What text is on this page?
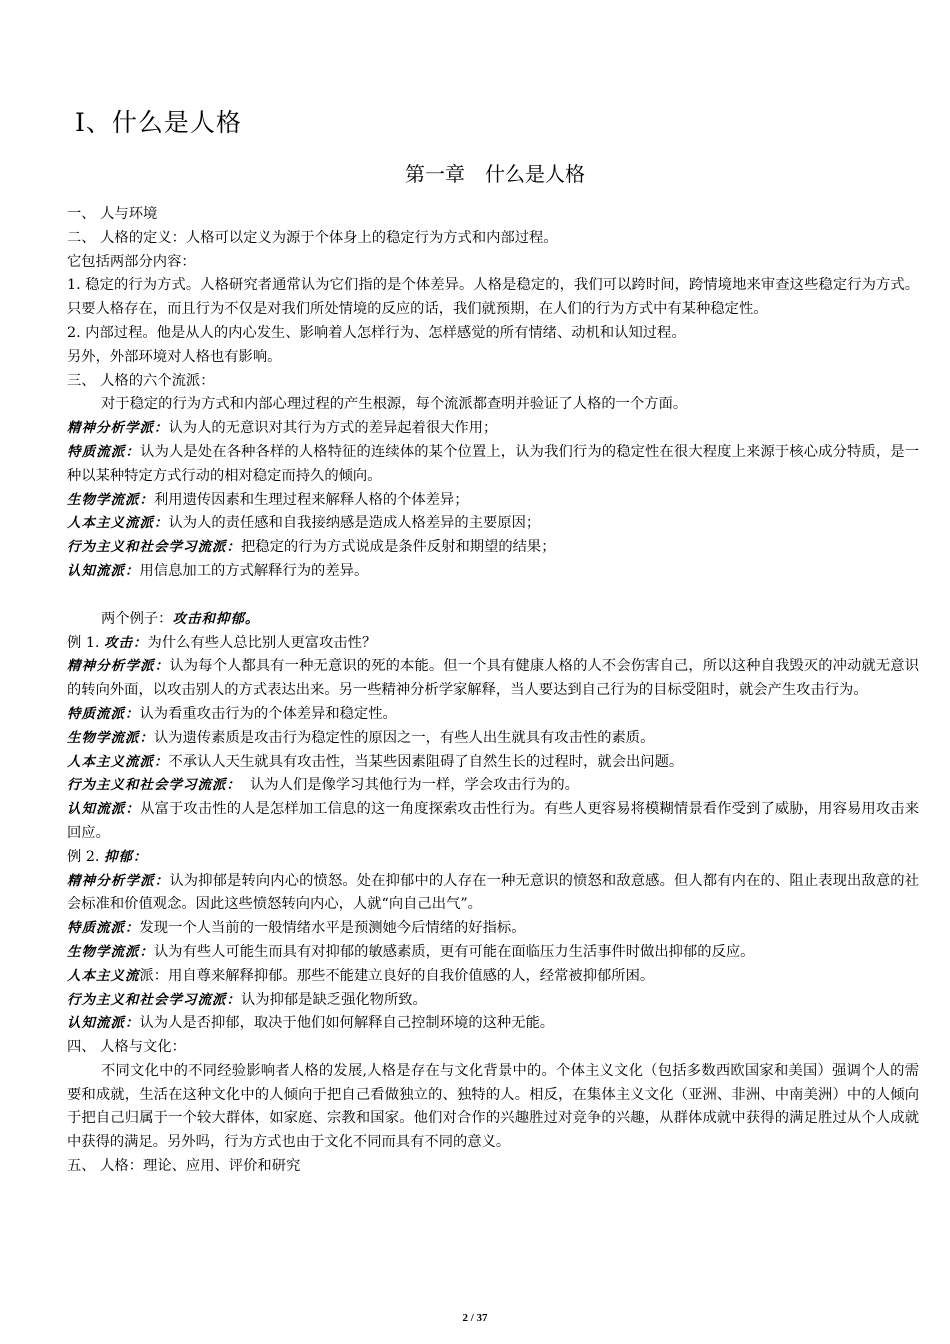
Ⅰ、什么是人格
第一章　什么是人格

一、 人与环境

二、 人格的定义：人格可以定义为源于个体身上的稳定行为方式和内部过程。

它包括两部分内容：

1. 稳定的行为方式。人格研究者通常认为它们指的是个体差异。人格是稳定的，我们可以跨时间，跨情境地来审查这些稳定行为方式。只要人格存在，而且行为不仅是对我们所处情境的反应的话，我们就预期，在人们的行为方式中有某种稳定性。

2. 内部过程。他是从人的内心发生、影响着人怎样行为、怎样感觉的所有情绪、动机和认知过程。

另外，外部环境对人格也有影响。

三、 人格的六个流派：

对于稳定的行为方式和内部心理过程的产生根源，每个流派都查明并验证了人格的一个方面。

精神分析学派：认为人的无意识对其行为方式的差异起着很大作用；

特质流派：认为人是处在各种各样的人格特征的连续体的某个位置上，认为我们行为的稳定性在很大程度上来源于核心成分特质，是一种以某种特定方式行动的相对稳定而持久的倾向。

生物学流派：利用遗传因素和生理过程来解释人格的个体差异；

人本主义流派：认为人的责任感和自我接纳感是造成人格差异的主要原因；

行为主义和社会学习流派：把稳定的行为方式说成是条件反射和期望的结果；

认知流派：用信息加工的方式解释行为的差异。

两个例子：攻击和抑郁。

例 1. 攻击：为什么有些人总比别人更富攻击性？

精神分析学派：认为每个人都具有一种无意识的死的本能。但一个具有健康人格的人不会伤害自己，所以这种自我毁灭的冲动就无意识的转向外面，以攻击别人的方式表达出来。另一些精神分析学家解释，当人要达到自己行为的目标受阻时，就会产生攻击行为。

特质流派：认为看重攻击行为的个体差异和稳定性。

生物学流派：认为遗传素质是攻击行为稳定性的原因之一，有些人出生就具有攻击性的素质。

人本主义流派：不承认人天生就具有攻击性，当某些因素阻碍了自然生长的过程时，就会出问题。

行为主义和社会学习流派：  认为人们是像学习其他行为一样，学会攻击行为的。

认知流派：从富于攻击性的人是怎样加工信息的这一角度探索攻击性行为。有些人更容易将模糊情景看作受到了威胁，用容易用攻击来回应。

例 2. 抑郁：

精神分析学派：认为抑郁是转向内心的愤怒。处在抑郁中的人存在一种无意识的愤怒和敌意感。但人都有内在的、阻止表现出敌意的社会标准和价值观念。因此这些愤怒转向内心，人就“向自己出气”。

特质流派：发现一个人当前的一般情绪水平是预测她今后情绪的好指标。

生物学流派：认为有些人可能生而具有对抑郁的敏感素质，更有可能在面临压力生活事件时做出抑郁的反应。

人本主义流派：用自尊来解释抑郁。那些不能建立良好的自我价值感的人，经常被抑郁所困。

行为主义和社会学习流派：认为抑郁是缺乏强化物所致。

认知流派：认为人是否抑郁，取决于他们如何解释自己控制环境的这种无能。

四、 人格与文化：

不同文化中的不同经验影响者人格的发展,人格是存在与文化背景中的。个体主义文化（包括多数西欧国家和美国）强调个人的需要和成就，生活在这种文化中的人倾向于把自己看做独立的、独特的人。相反，在集体主义文化（亚洲、非洲、中南美洲）中的人倾向于把自己归属于一个较大群体，如家庭、宗教和国家。他们对合作的兴趣胜过对竞争的兴趣，从群体成就中获得的满足胜过从个人成就中获得的满足。另外吗，行为方式也由于文化不同而具有不同的意义。

五、 人格：理论、应用、评价和研究

2 / 37
